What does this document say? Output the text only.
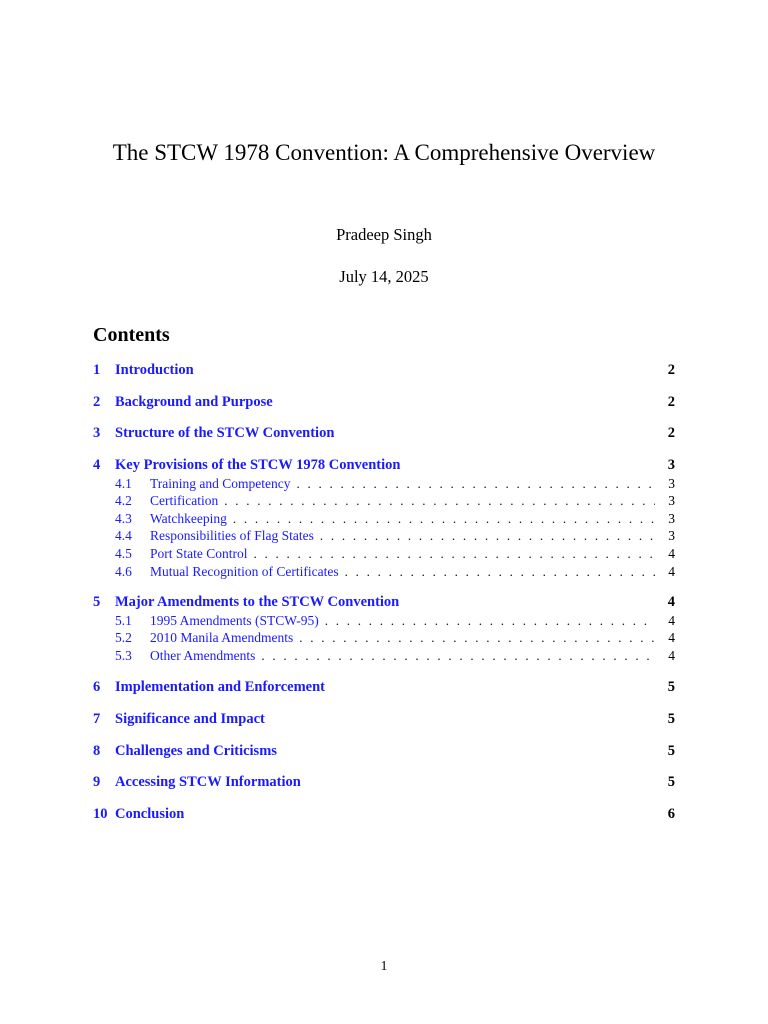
The STCW 1978 Convention: A Comprehensive Overview
Pradeep Singh
July 14, 2025
Contents
1	Introduction	2
2	Background and Purpose	2
3	Structure of the STCW Convention	2
4	Key Provisions of the STCW 1978 Convention	3
4.1	Training and Competency . . .	3
4.2	Certification . . .	3
4.3	Watchkeeping . . .	3
4.4	Responsibilities of Flag States . . .	3
4.5	Port State Control . . .	4
4.6	Mutual Recognition of Certificates . . .	4
5	Major Amendments to the STCW Convention	4
5.1	1995 Amendments (STCW-95) . . .	4
5.2	2010 Manila Amendments . . .	4
5.3	Other Amendments . . .	4
6	Implementation and Enforcement	5
7	Significance and Impact	5
8	Challenges and Criticisms	5
9	Accessing STCW Information	5
10 Conclusion	6
1
